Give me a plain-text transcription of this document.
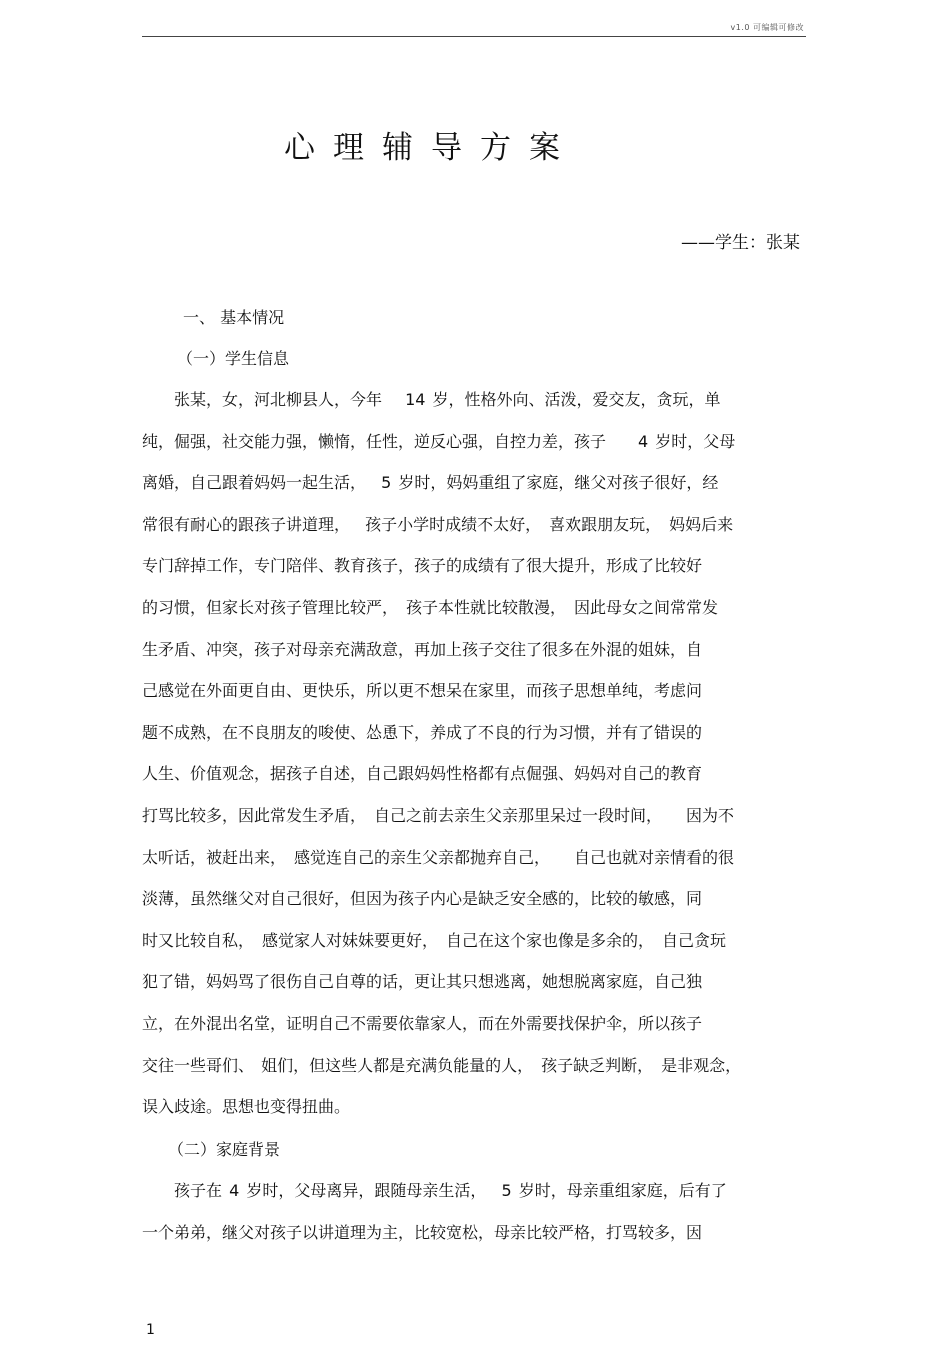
v1.0 可编辑可修改
心理辅导方案
——学生：张某
一、 基本情况
（一）学生信息
　　张某，女，河北柳县人，今年　 14 岁，性格外向、活泼，爱交友，贪玩，单
纯，倔强，社交能力强，懒惰，任性，逆反心强，自控力差，孩子　　4 岁时，父母
离婚，自己跟着妈妈一起生活，　 5 岁时，妈妈重组了家庭，继父对孩子很好，经
常很有耐心的跟孩子讲道理，　 孩子小学时成绩不太好，　喜欢跟朋友玩，　妈妈后来
专门辞掉工作，专门陪伴、教育孩子，孩子的成绩有了很大提升，形成了比较好
的习惯，但家长对孩子管理比较严，　孩子本性就比较散漫，　因此母女之间常常发
生矛盾、冲突，孩子对母亲充满敌意，再加上孩子交往了很多在外混的姐妹，自
己感觉在外面更自由、更快乐，所以更不想呆在家里，而孩子思想单纯，考虑问
题不成熟，在不良朋友的唆使、怂恿下，养成了不良的行为习惯，并有了错误的
人生、价值观念，据孩子自述，自己跟妈妈性格都有点倔强、妈妈对自己的教育
打骂比较多，因此常发生矛盾，　自己之前去亲生父亲那里呆过一段时间，　　因为不
太听话，被赶出来，　感觉连自己的亲生父亲都抛弃自己，　　自己也就对亲情看的很
淡薄，虽然继父对自己很好，但因为孩子内心是缺乏安全感的，比较的敏感，同
时又比较自私，　感觉家人对妹妹要更好，　自己在这个家也像是多余的，　自己贪玩
犯了错，妈妈骂了很伤自己自尊的话，更让其只想逃离，她想脱离家庭，自己独
立，在外混出名堂，证明自己不需要依靠家人，而在外需要找保护伞，所以孩子
交往一些哥们、 姐们，但这些人都是充满负能量的人，　孩子缺乏判断，　是非观念，
误入歧途。思想也变得扭曲。
（二）家庭背景
　　孩子在 4 岁时，父母离异，跟随母亲生活，　 5 岁时，母亲重组家庭，后有了
一个弟弟，继父对孩子以讲道理为主，比较宽松，母亲比较严格，打骂较多，因
1
